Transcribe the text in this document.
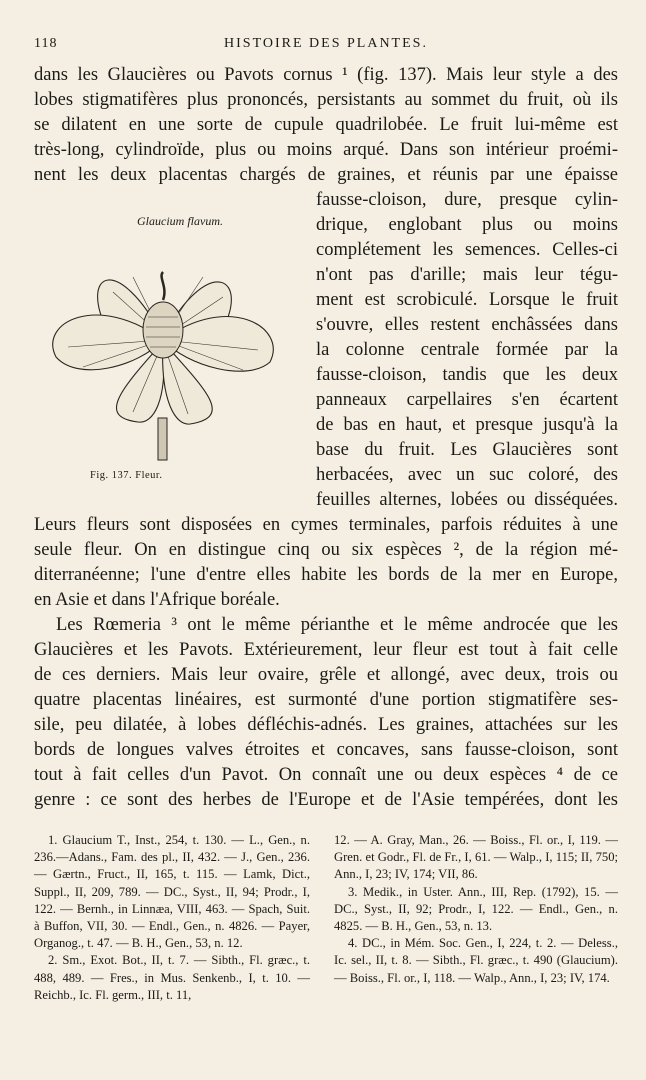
118	HISTOIRE DES PLANTES.
dans les Glaucières ou Pavots cornus ¹ (fig. 137). Mais leur style a des
lobes stigmatifères plus prononcés, persistants au sommet du fruit, où ils
se dilatent en une sorte de cupule quadrilobée. Le fruit lui-même est
très-long, cylindroïde, plus ou moins arqué. Dans son intérieur proémi-
nent les deux placentas chargés de graines, et réunis par une épaisse
Glaucium flavum.
Fig. 137. Fleur.
fausse-cloison, dure, presque cylin-
drique, englobant plus ou moins
complétement les semences. Celles-ci
n'ont pas d'arille; mais leur tégu-
ment est scrobiculé. Lorsque le fruit
s'ouvre, elles restent enchâssées dans
la colonne centrale formée par la
fausse-cloison, tandis que les deux
panneaux carpellaires s'en écartent
de bas en haut, et presque jusqu'à la
base du fruit. Les Glaucières sont
herbacées, avec un suc coloré, des
feuilles alternes, lobées ou disséquées.
Leurs fleurs sont disposées en cymes terminales, parfois réduites à une
seule fleur. On en distingue cinq ou six espèces ², de la région mé-
diterranéenne; l'une d'entre elles habite les bords de la mer en Europe,
en Asie et dans l'Afrique boréale.
Les Rœmeria ³ ont le même périanthe et le même androcée que les
Glaucières et les Pavots. Extérieurement, leur fleur est tout à fait celle
de ces derniers. Mais leur ovaire, grêle et allongé, avec deux, trois ou
quatre placentas linéaires, est surmonté d'une portion stigmatifère ses-
sile, peu dilatée, à lobes défléchis-adnés. Les graines, attachées sur les
bords de longues valves étroites et concaves, sans fausse-cloison, sont
tout à fait celles d'un Pavot. On connaît une ou deux espèces ⁴ de ce
genre : ce sont des herbes de l'Europe et de l'Asie tempérées, dont les

1. Glaucium T., Inst., 254, t. 130. — L., Gen., n. 236.—Adans., Fam. des pl., II, 432. — J., Gen., 236. — Gærtn., Fruct., II, 165, t. 115. — Lamk, Dict., Suppl., II, 209, 789. — DC., Syst., II, 94; Prodr., I, 122. — Bernh., in Linnæa, VIII, 463. — Spach, Suit. à Buffon, VII, 30. — Endl., Gen., n. 4826. — Payer, Organog., t. 47. — B. H., Gen., 53, n. 12.

2. Sm., Exot. Bot., II, t. 7. — Sibth., Fl. græc., t. 488, 489. — Fres., in Mus. Senkenb., I, t. 10. — Reichb., Ic. Fl. germ., III, t. 11,

12. — A. Gray, Man., 26. — Boiss., Fl. or., I, 119. — Gren. et Godr., Fl. de Fr., I, 61. — Walp., I, 115; II, 750; Ann., I, 23; IV, 174; VII, 86.

3. Medik., in Uster. Ann., III, Rep. (1792), 15. — DC., Syst., II, 92; Prodr., I, 122. — Endl., Gen., n. 4825. — B. H., Gen., 53, n. 13.

4. DC., in Mém. Soc. Gen., I, 224, t. 2. — Deless., Ic. sel., II, t. 8. — Sibth., Fl. græc., t. 490 (Glaucium). — Boiss., Fl. or., I, 118. — Walp., Ann., I, 23; IV, 174.
